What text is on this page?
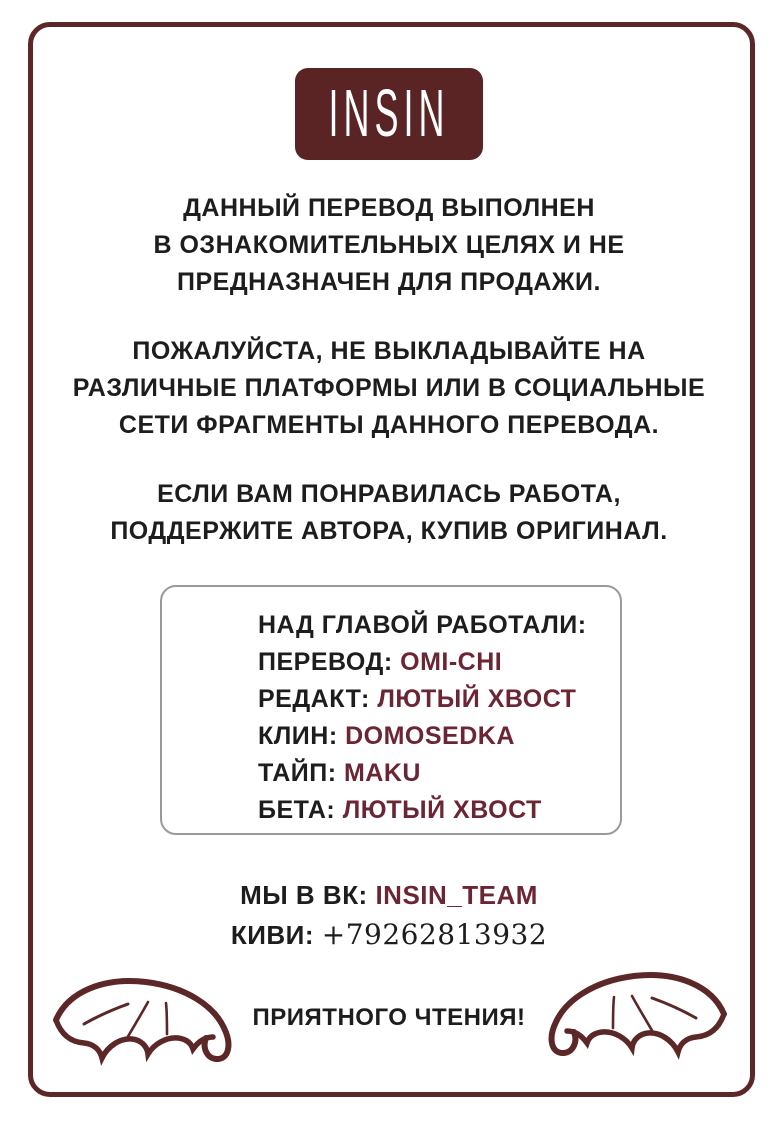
INSIN
ДАННЫЙ ПЕРЕВОД ВЫПОЛНЕН
В ОЗНАКОМИТЕЛЬНЫХ ЦЕЛЯХ И НЕ
ПРЕДНАЗНАЧЕН ДЛЯ ПРОДАЖИ.
ПОЖАЛУЙСТА, НЕ ВЫКЛАДЫВАЙТЕ НА
РАЗЛИЧНЫЕ ПЛАТФОРМЫ ИЛИ В СОЦИАЛЬНЫЕ
СЕТИ ФРАГМЕНТЫ ДАННОГО ПЕРЕВОДА.
ЕСЛИ ВАМ ПОНРАВИЛАСЬ РАБОТА,
ПОДДЕРЖИТЕ АВТОРА, КУПИВ ОРИГИНАЛ.
НАД ГЛАВОЙ РАБОТАЛИ:
ПЕРЕВОД: OMI-CHI
РЕДАКТ: ЛЮТЫЙ ХВОСТ
КЛИН: DOMOSEDKA
ТАЙП: MAKU
БЕТА: ЛЮТЫЙ ХВОСТ
МЫ В ВК: INSIN_TEAM
КИВИ: +79262813932
ПРИЯТНОГО ЧТЕНИЯ!
